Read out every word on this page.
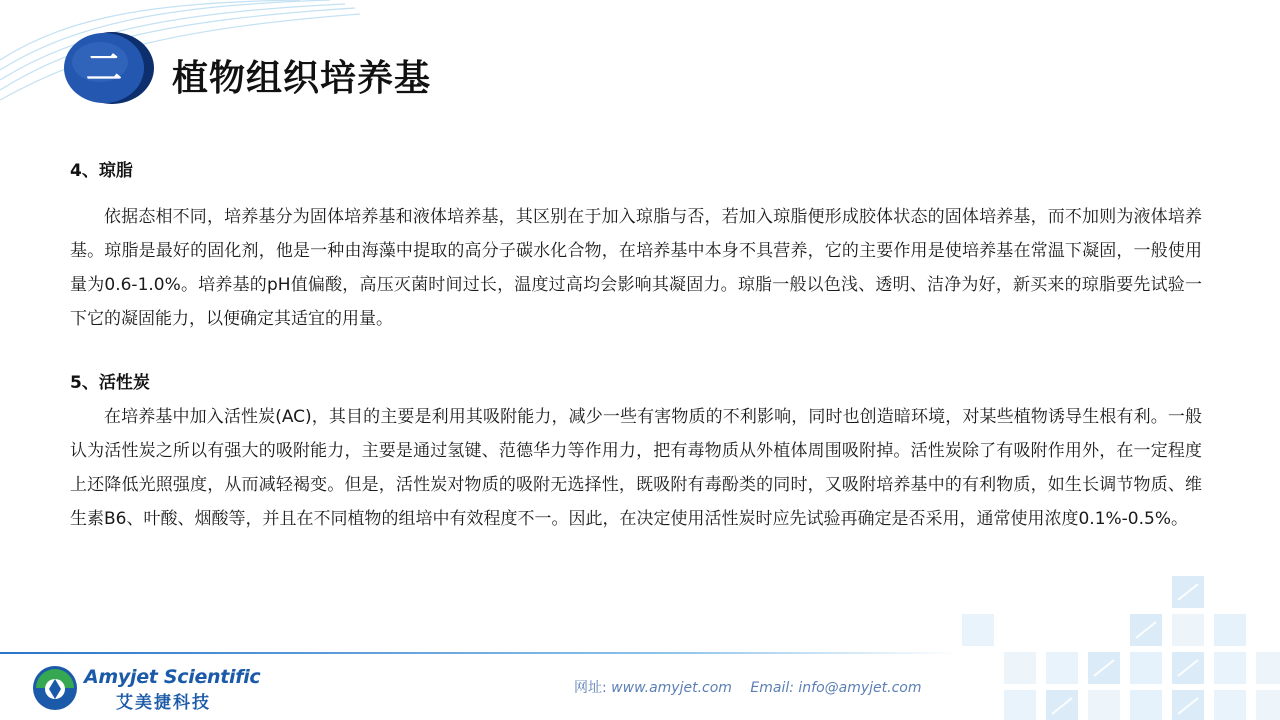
二	植物组织培养基

4、琼脂

依据态相不同，培养基分为固体培养基和液体培养基，其区别在于加入琼脂与否，若加入琼脂便形成胶体状态的固体培养基，而不加则为液体培养基。琼脂是最好的固化剂，他是一种由海藻中提取的高分子碳水化合物，在培养基中本身不具营养，它的主要作用是使培养基在常温下凝固，一般使用量为0.6-1.0%。培养基的pH值偏酸，高压灭菌时间过长，温度过高均会影响其凝固力。琼脂一般以色浅、透明、洁净为好，新买来的琼脂要先试验一下它的凝固能力，以便确定其适宜的用量。

5、活性炭

在培养基中加入活性炭(AC)，其目的主要是利用其吸附能力，减少一些有害物质的不利影响，同时也创造暗环境，对某些植物诱导生根有利。一般认为活性炭之所以有强大的吸附能力，主要是通过氢键、范德华力等作用力，把有毒物质从外植体周围吸附掉。活性炭除了有吸附作用外，在一定程度上还降低光照强度，从而减轻褐变。但是，活性炭对物质的吸附无选择性，既吸附有毒酚类的同时，又吸附培养基中的有利物质，如生长调节物质、维生素B6、叶酸、烟酸等，并且在不同植物的组培中有效程度不一。因此，在决定使用活性炭时应先试验再确定是否采用，通常使用浓度0.1%-0.5%。

Amyjet Scientific
艾美捷科技
网址: www.amyjet.com Email: info@amyjet.com
